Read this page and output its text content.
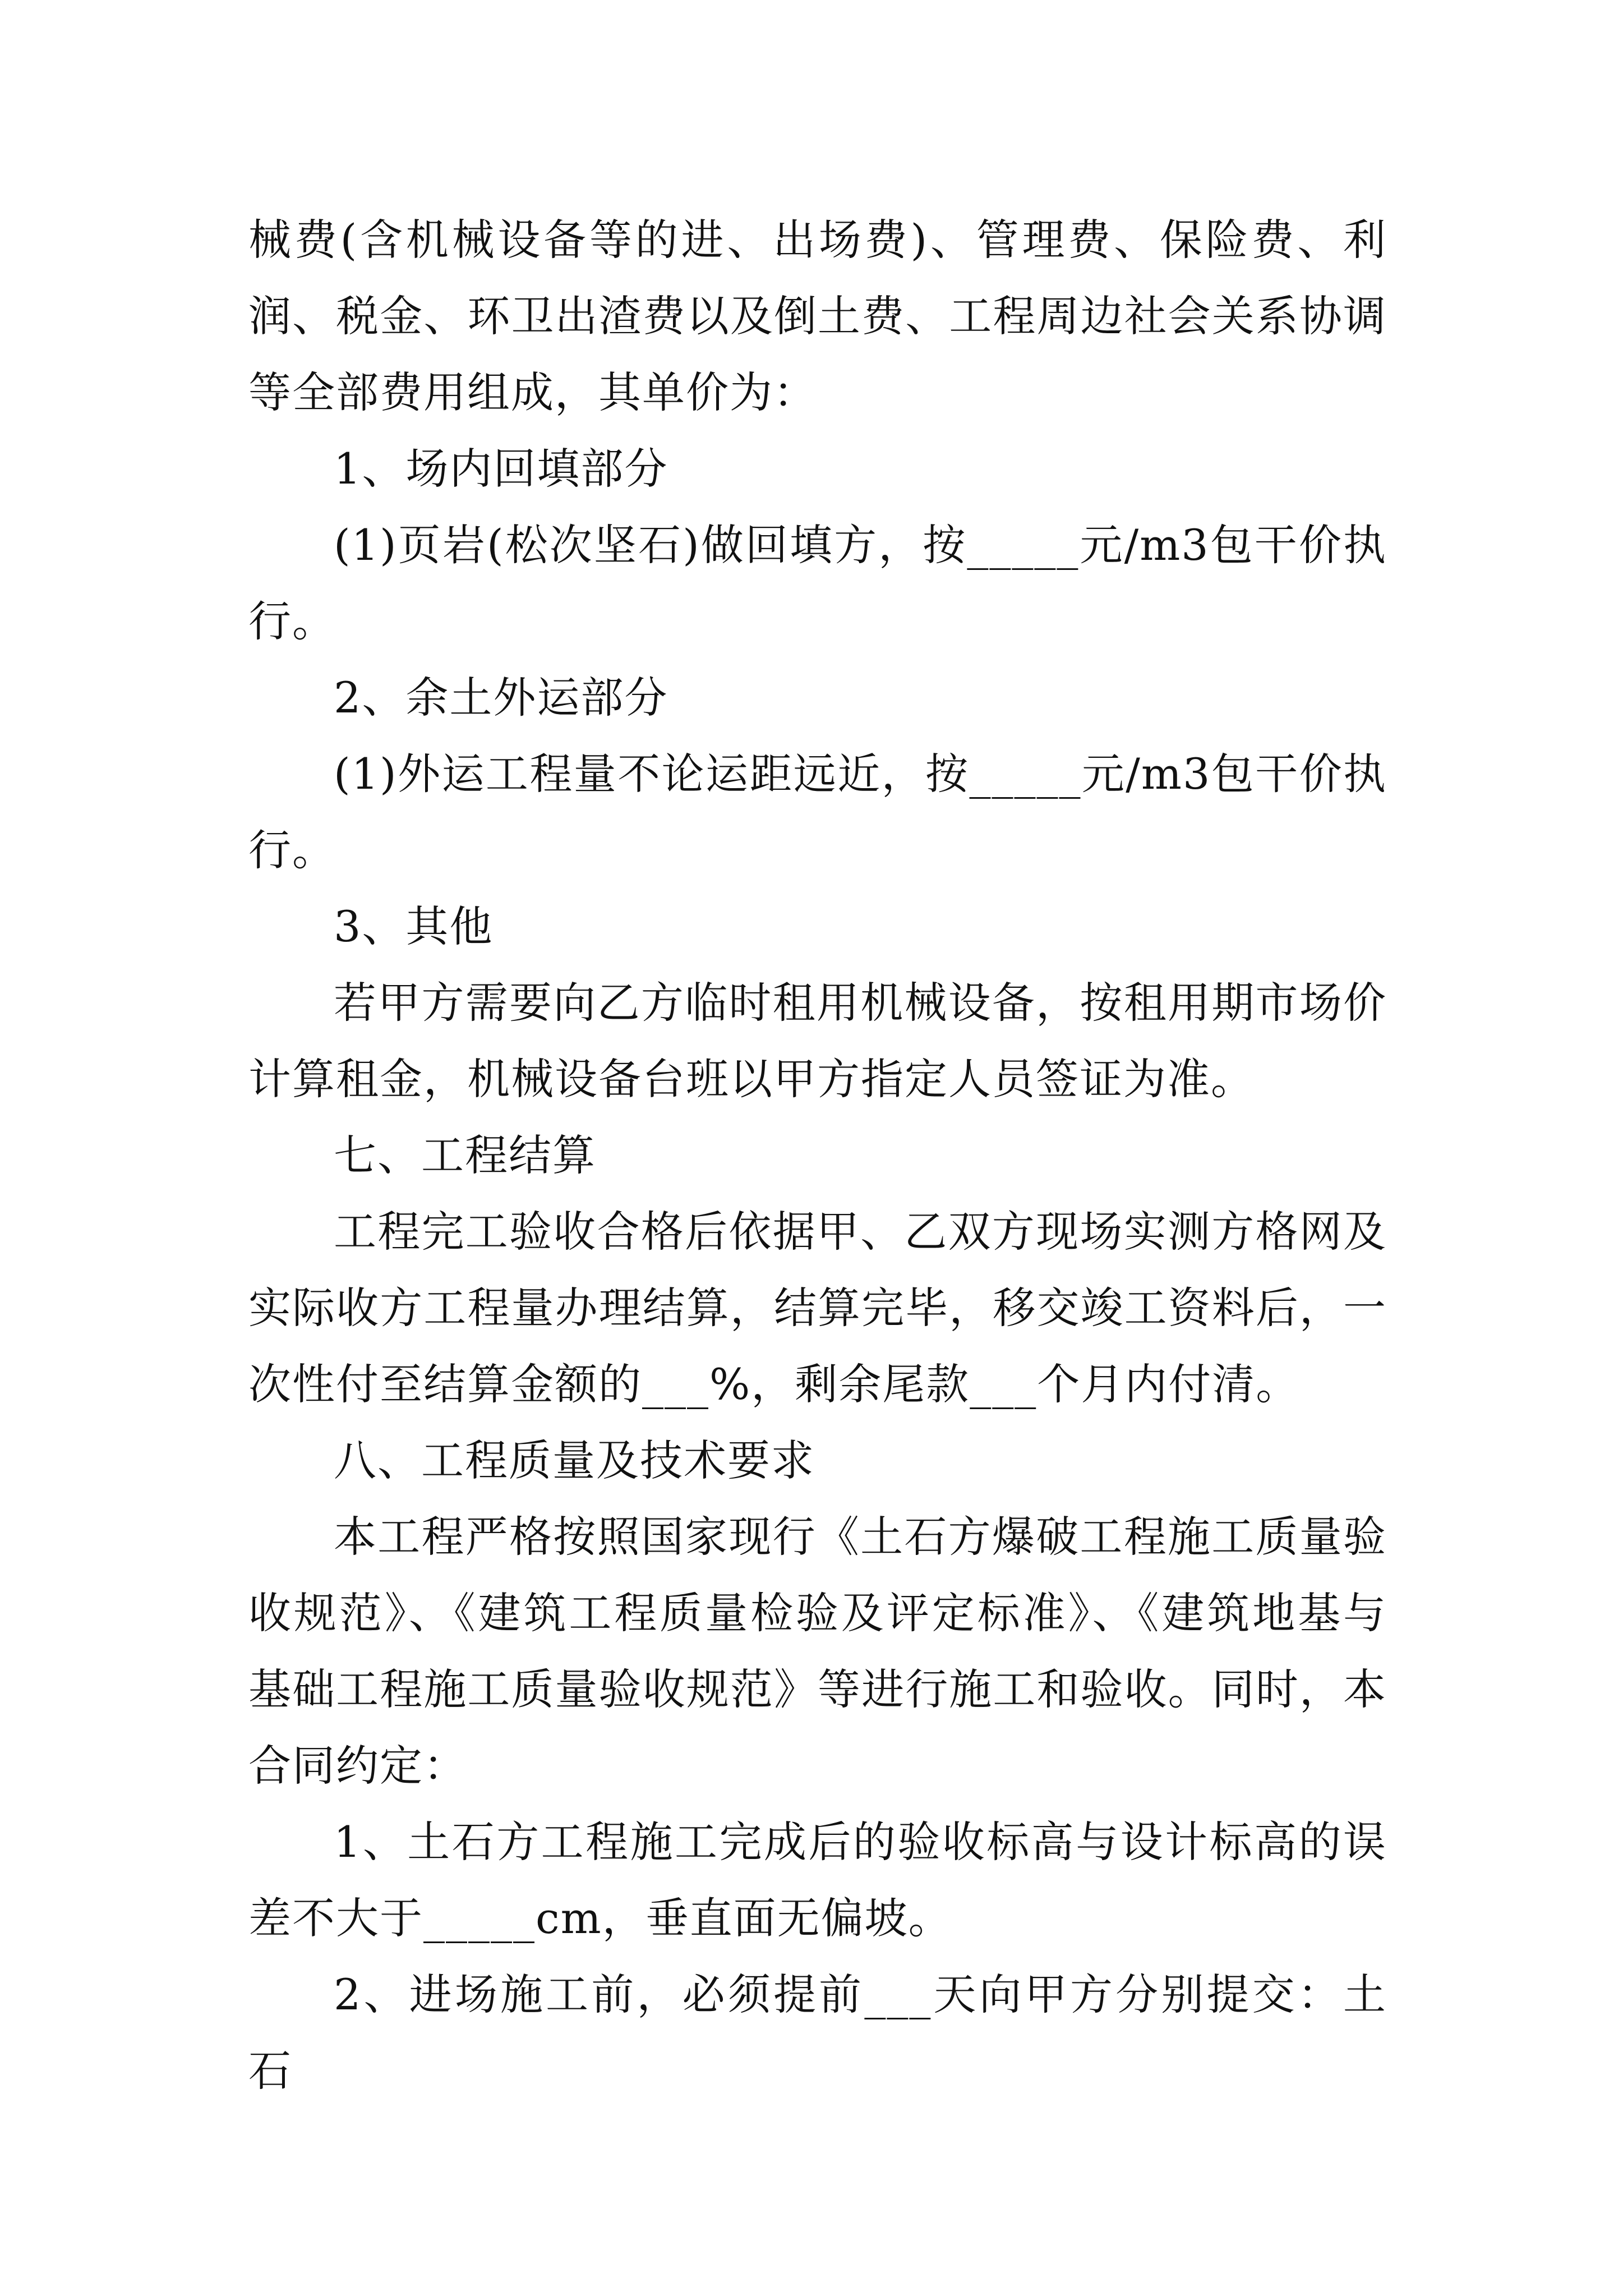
械费(含机械设备等的进、出场费)、管理费、保险费、利润、税金、环卫出渣费以及倒土费、工程周边社会关系协调等全部费用组成，其单价为：

1、场内回填部分

(1)页岩(松次坚石)做回填方，按_____元/m3包干价执行。

2、余土外运部分

(1)外运工程量不论运距远近，按_____元/m3包干价执行。

3、其他

若甲方需要向乙方临时租用机械设备，按租用期市场价计算租金，机械设备台班以甲方指定人员签证为准。

七、工程结算

工程完工验收合格后依据甲、乙双方现场实测方格网及实际收方工程量办理结算，结算完毕，移交竣工资料后，一次性付至结算金额的___%，剩余尾款___个月内付清。

八、工程质量及技术要求

本工程严格按照国家现行《土石方爆破工程施工质量验收规范》、《建筑工程质量检验及评定标准》、《建筑地基与基础工程施工质量验收规范》等进行施工和验收。同时，本合同约定：

1、土石方工程施工完成后的验收标高与设计标高的误差不大于_____cm，垂直面无偏坡。

2、进场施工前，必须提前___天向甲方分别提交：土石
